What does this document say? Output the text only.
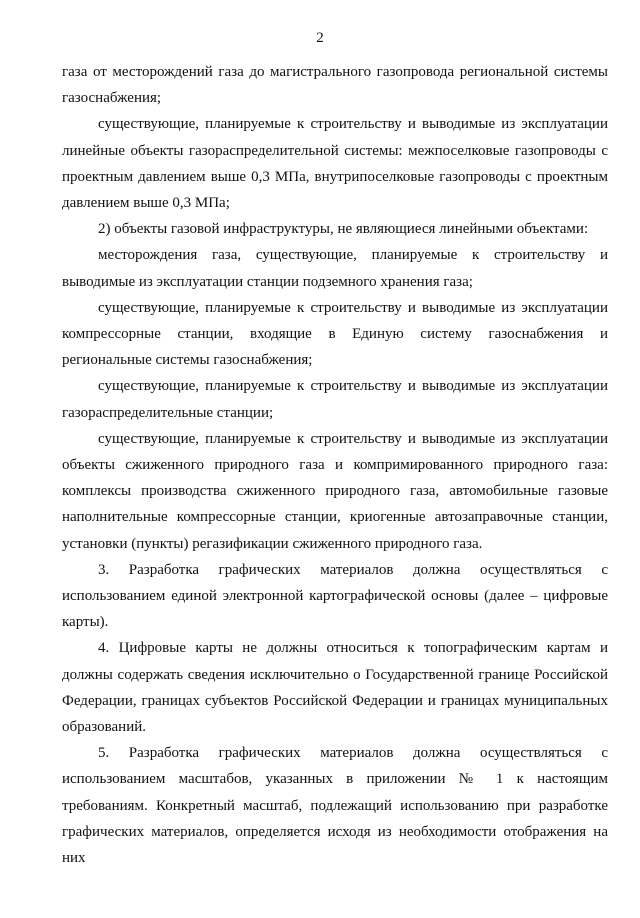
2

газа от месторождений газа до магистрального газопровода региональной системы газоснабжения;

существующие, планируемые к строительству и выводимые из эксплуатации линейные объекты газораспределительной системы: межпоселковые газопроводы с проектным давлением выше 0,3 МПа, внутрипоселковые газопроводы с проектным давлением выше 0,3 МПа;

2) объекты газовой инфраструктуры, не являющиеся линейными объектами:

месторождения газа, существующие, планируемые к строительству и выводимые из эксплуатации станции подземного хранения газа;

существующие, планируемые к строительству и выводимые из эксплуатации компрессорные станции, входящие в Единую систему газоснабжения и региональные системы газоснабжения;

существующие, планируемые к строительству и выводимые из эксплуатации газораспределительные станции;

существующие, планируемые к строительству и выводимые из эксплуатации объекты сжиженного природного газа и компримированного природного газа: комплексы производства сжиженного природного газа, автомобильные газовые наполнительные компрессорные станции, криогенные автозаправочные станции, установки (пункты) регазификации сжиженного природного газа.

3. Разработка графических материалов должна осуществляться с использованием единой электронной картографической основы (далее – цифровые карты).

4. Цифровые карты не должны относиться к топографическим картам и должны содержать сведения исключительно о Государственной границе Российской Федерации, границах субъектов Российской Федерации и границах муниципальных образований.

5. Разработка графических материалов должна осуществляться с использованием масштабов, указанных в приложении № 1 к настоящим требованиям. Конкретный масштаб, подлежащий использованию при разработке графических материалов, определяется исходя из необходимости отображения на них
